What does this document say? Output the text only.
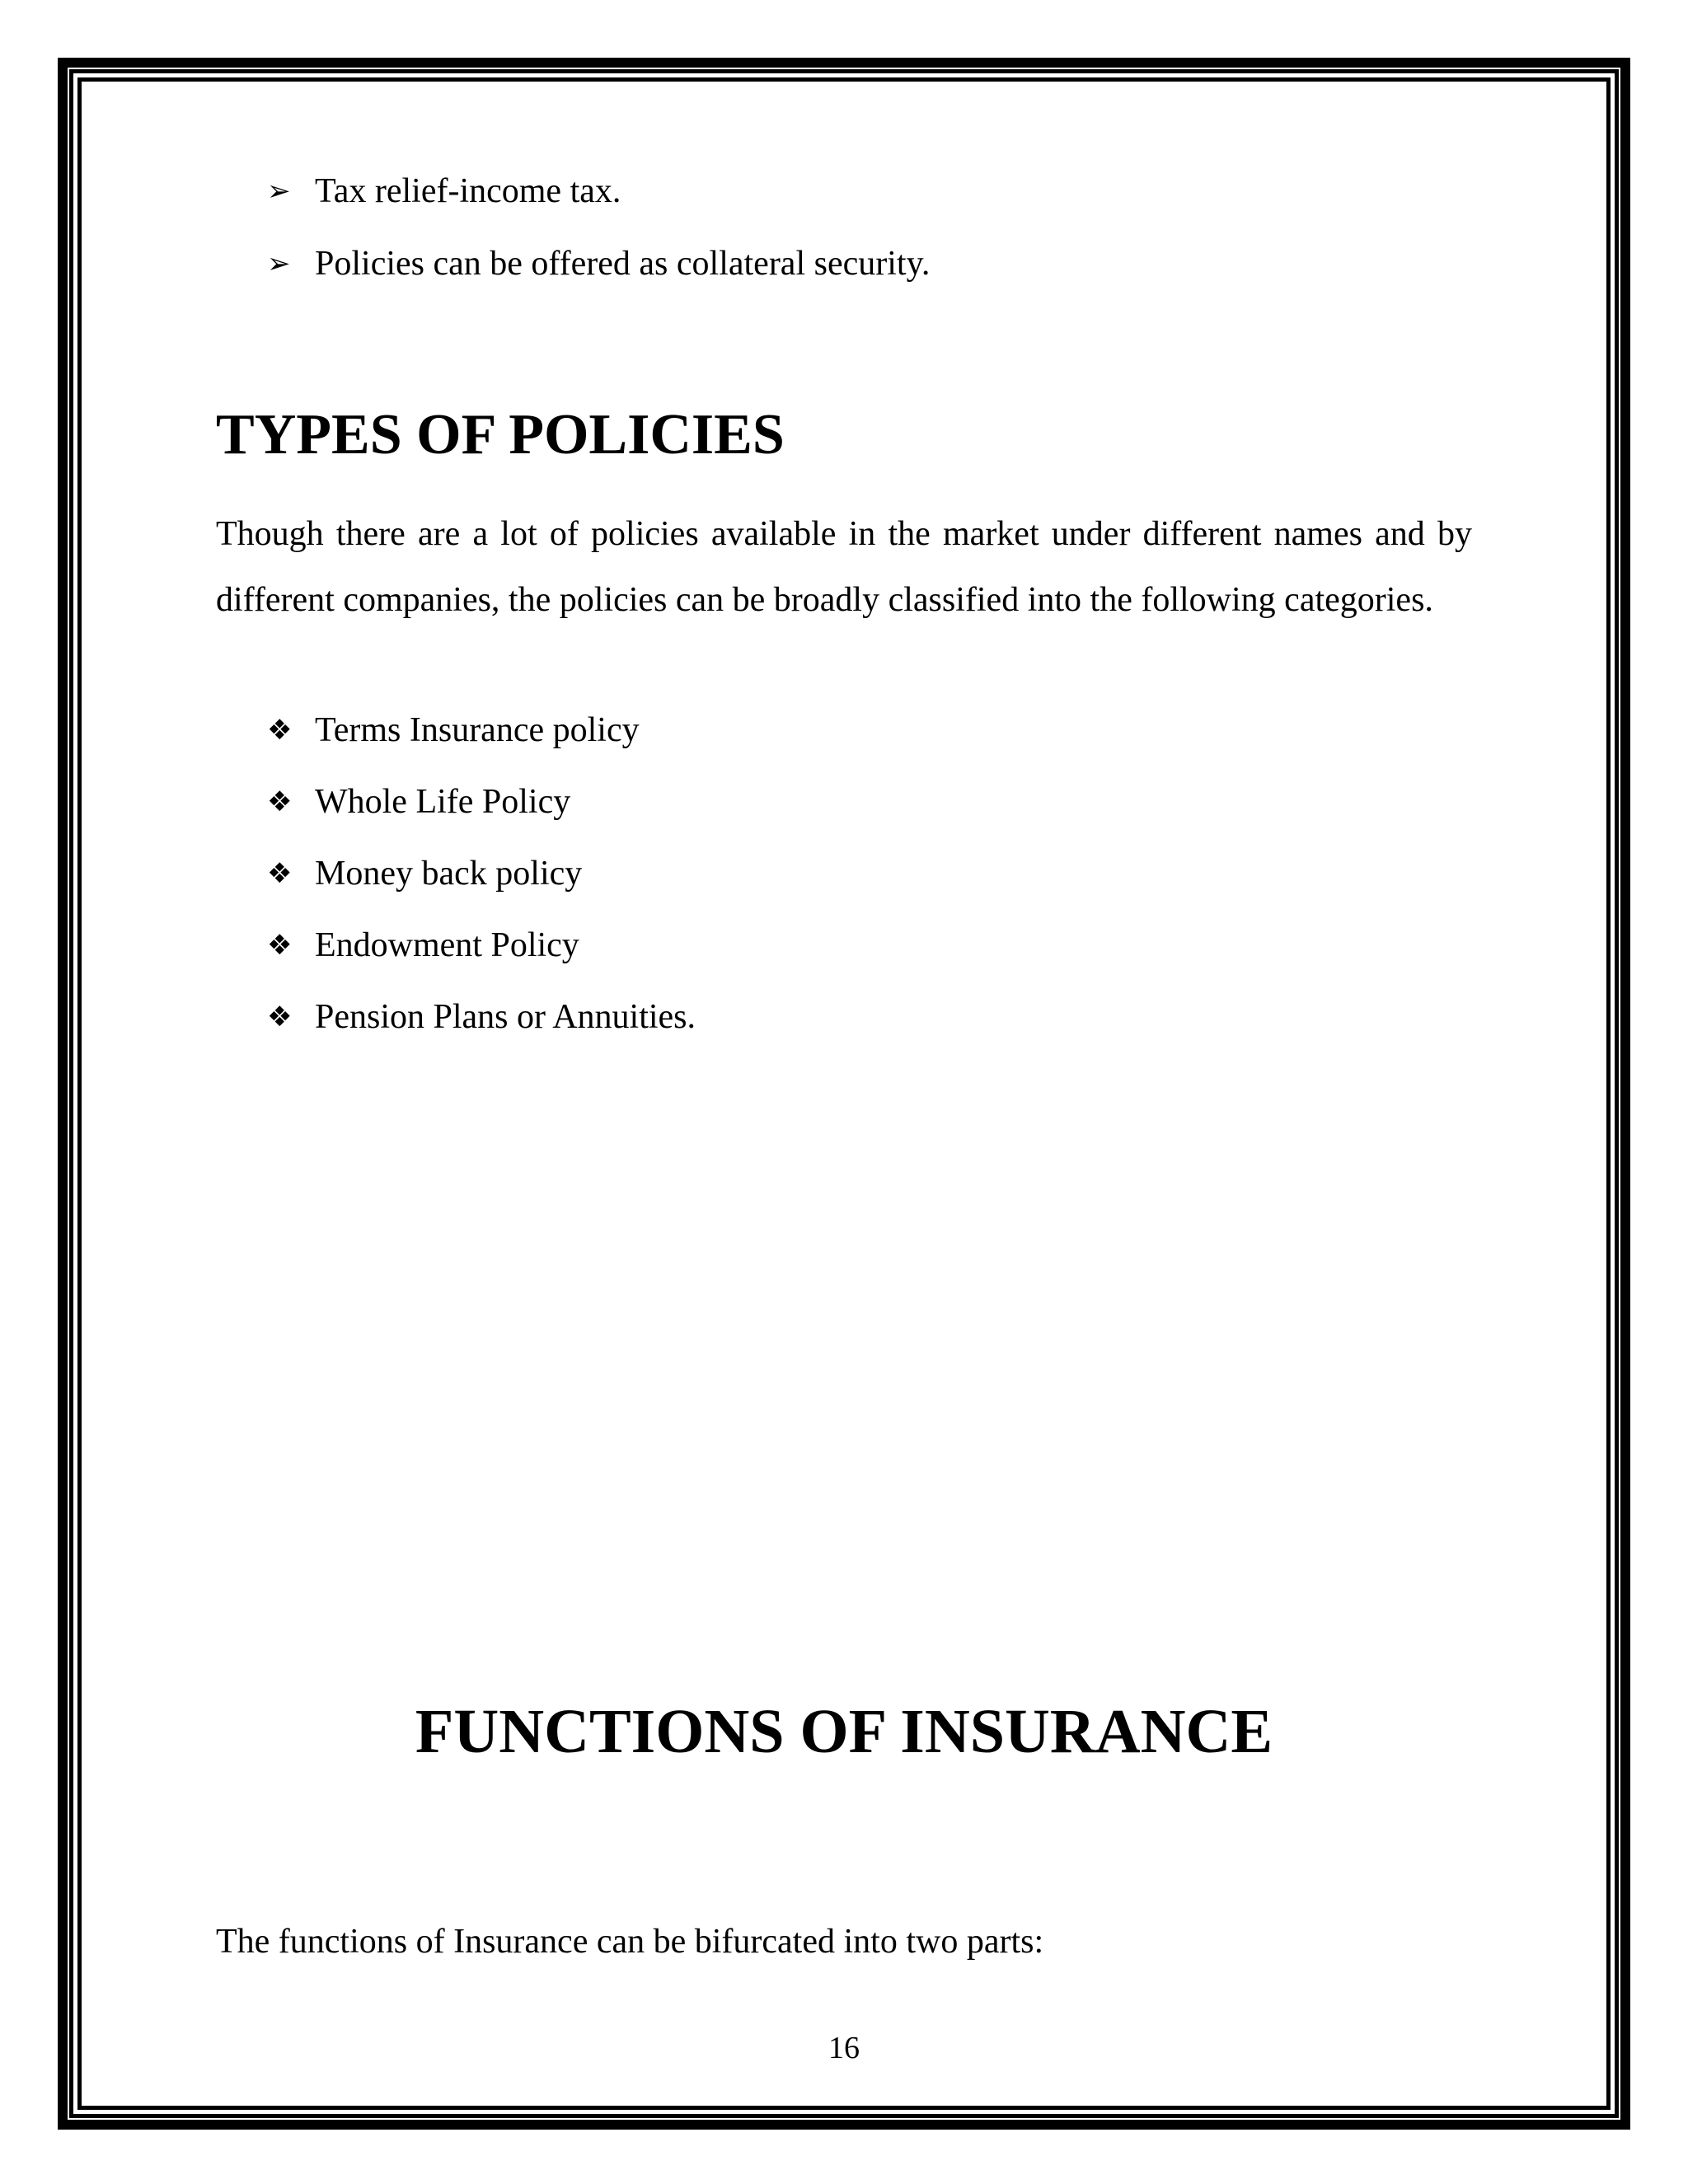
➢ Tax relief-income tax.
➢ Policies can be offered as collateral security.
TYPES OF POLICIES

Though there are a lot of policies available in the market under different names and by different companies, the policies can be broadly classified into the following categories.

❖ Terms Insurance policy
❖ Whole Life Policy
❖ Money back policy
❖ Endowment Policy
❖ Pension Plans or Annuities.
FUNCTIONS OF INSURANCE
The functions of Insurance can be bifurcated into two parts:
16
